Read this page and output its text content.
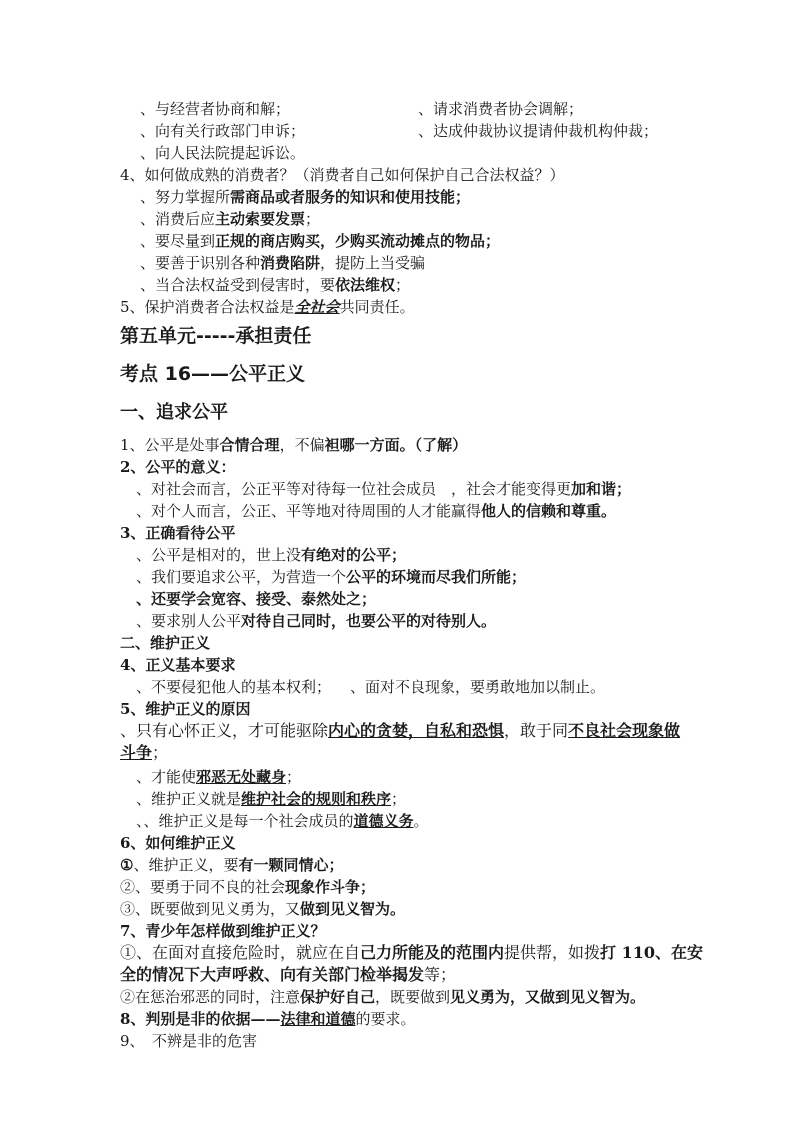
、与经营者协商和解；	、请求消费者协会调解；
、向有关行政部门申诉；	、达成仲裁协议提请仲裁机构仲裁；
、向人民法院提起诉讼。
4、如何做成熟的消费者？（消费者自己如何保护自己合法权益？）
、努力掌握所需商品或者服务的知识和使用技能；
、消费后应主动索要发票；
、要尽量到正规的商店购买，少购买流动摊点的物品；
、要善于识别各种消费陷阱，提防上当受骗
、当合法权益受到侵害时，要依法维权；
5、保护消费者合法权益是全社会共同责任。
第五单元-----承担责任
考点 16——公平正义
一、追求公平
1、公平是处事合情合理，不偏袒哪一方面。（了解）
2、公平的意义：
、对社会而言，公正平等对待每一位社会成员　，社会才能变得更加和谐；
、对个人而言，公正、平等地对待周围的人才能赢得他人的信赖和尊重。
3、正确看待公平
、公平是相对的，世上没有绝对的公平；
、我们要追求公平，为营造一个公平的环境而尽我们所能；
、还要学会宽容、接受、泰然处之；
、要求别人公平对待自己同时，也要公平的对待别人。
二、维护正义
4、正义基本要求
、不要侵犯他人的基本权利； 、面对不良现象，要勇敢地加以制止。
5、维护正义的原因
、只有心怀正义，才可能驱除内心的贪婪，自私和恐惧，敢于同不良社会现象做
斗争；
、才能使邪恶无处藏身；
、维护正义就是维护社会的规则和秩序；
、、维护正义是每一个社会成员的道德义务。
6、如何维护正义
①、维护正义，要有一颗同情心；
②、要勇于同不良的社会现象作斗争；
③、既要做到见义勇为，又做到见义智为。
7、青少年怎样做到维护正义？
①、在面对直接危险时，就应在自己力所能及的范围内提供帮，如拨打 110、在安
全的情况下大声呼救、向有关部门检举揭发等；
②在惩治邪恶的同时，注意保护好自己，既要做到见义勇为，又做到见义智为。
8、判别是非的依据——法律和道德的要求。
9、　不辨是非的危害
